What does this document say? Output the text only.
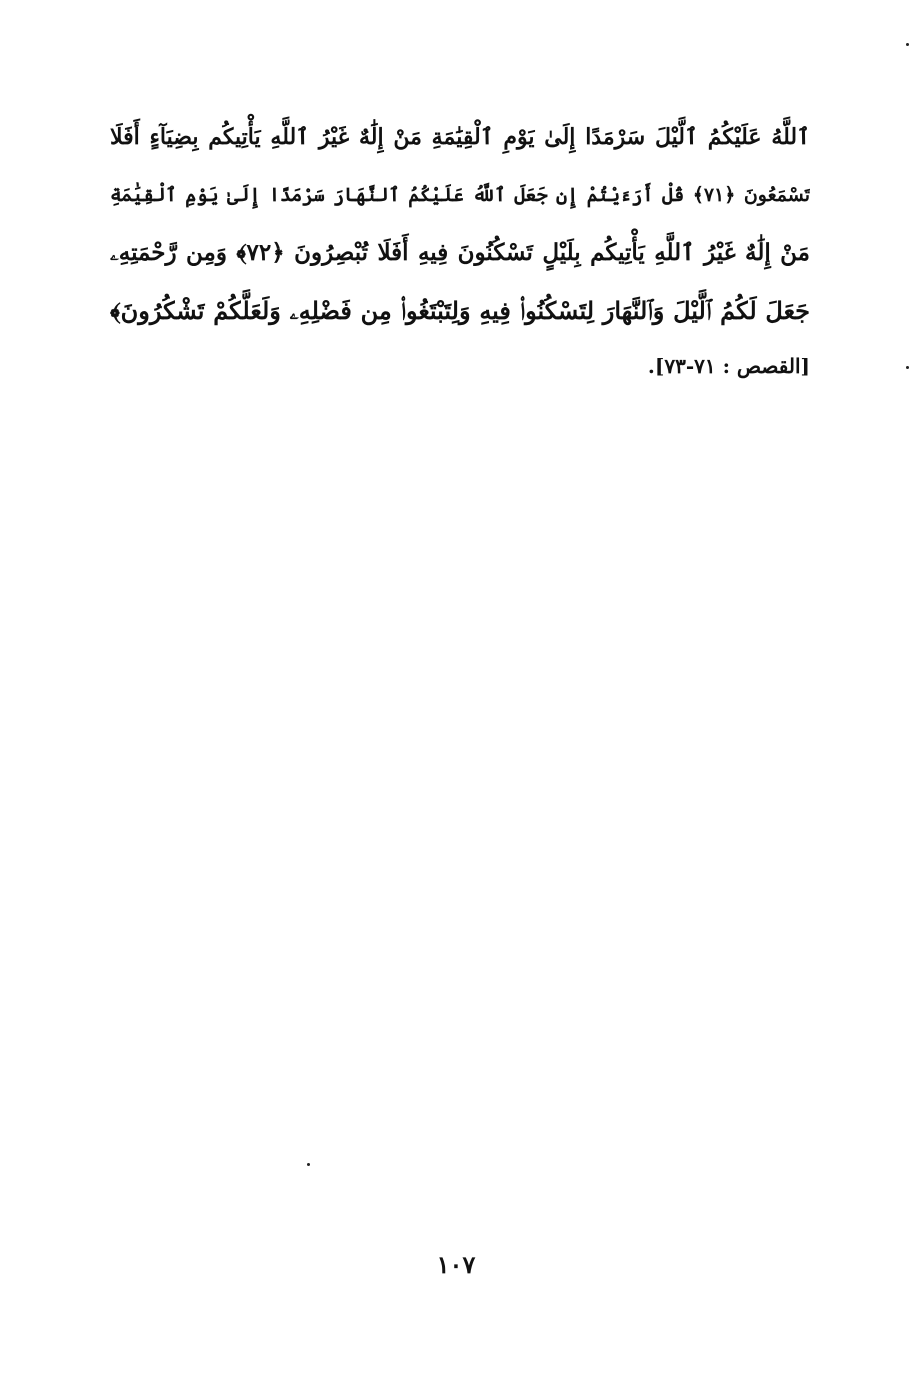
ٱللَّهُ عَلَيْكُمُ ٱلَّيْلَ سَرْمَدًا إِلَىٰ يَوْمِ ٱلْقِيَٰمَةِ مَنْ إِلَٰهٌ غَيْرُ ٱللَّهِ يَأْتِيكُم بِضِيَآءٍ أَفَلَا
تَسْمَعُونَ ﴿٧١﴾ قُلْ أَرَءَيْتُمْ إِن جَعَلَ ٱللَّهُ عَلَيْكُمُ ٱلنَّهَارَ سَرْمَدًا إِلَىٰ يَوْمِ ٱلْقِيَٰمَةِ
مَنْ إِلَٰهٌ غَيْرُ ٱللَّهِ يَأْتِيكُم بِلَيْلٍ تَسْكُنُونَ فِيهِ أَفَلَا تُبْصِرُونَ ﴿٧٢﴾ وَمِن رَّحْمَتِهِۦ
جَعَلَ لَكُمُ ٱلَّيْلَ وَٱلنَّهَارَ لِتَسْكُنُوا۟ فِيهِ وَلِتَبْتَغُوا۟ مِن فَضْلِهِۦ وَلَعَلَّكُمْ تَشْكُرُونَ﴾
[القصص : ٧١-٧٣].
١٠٧
